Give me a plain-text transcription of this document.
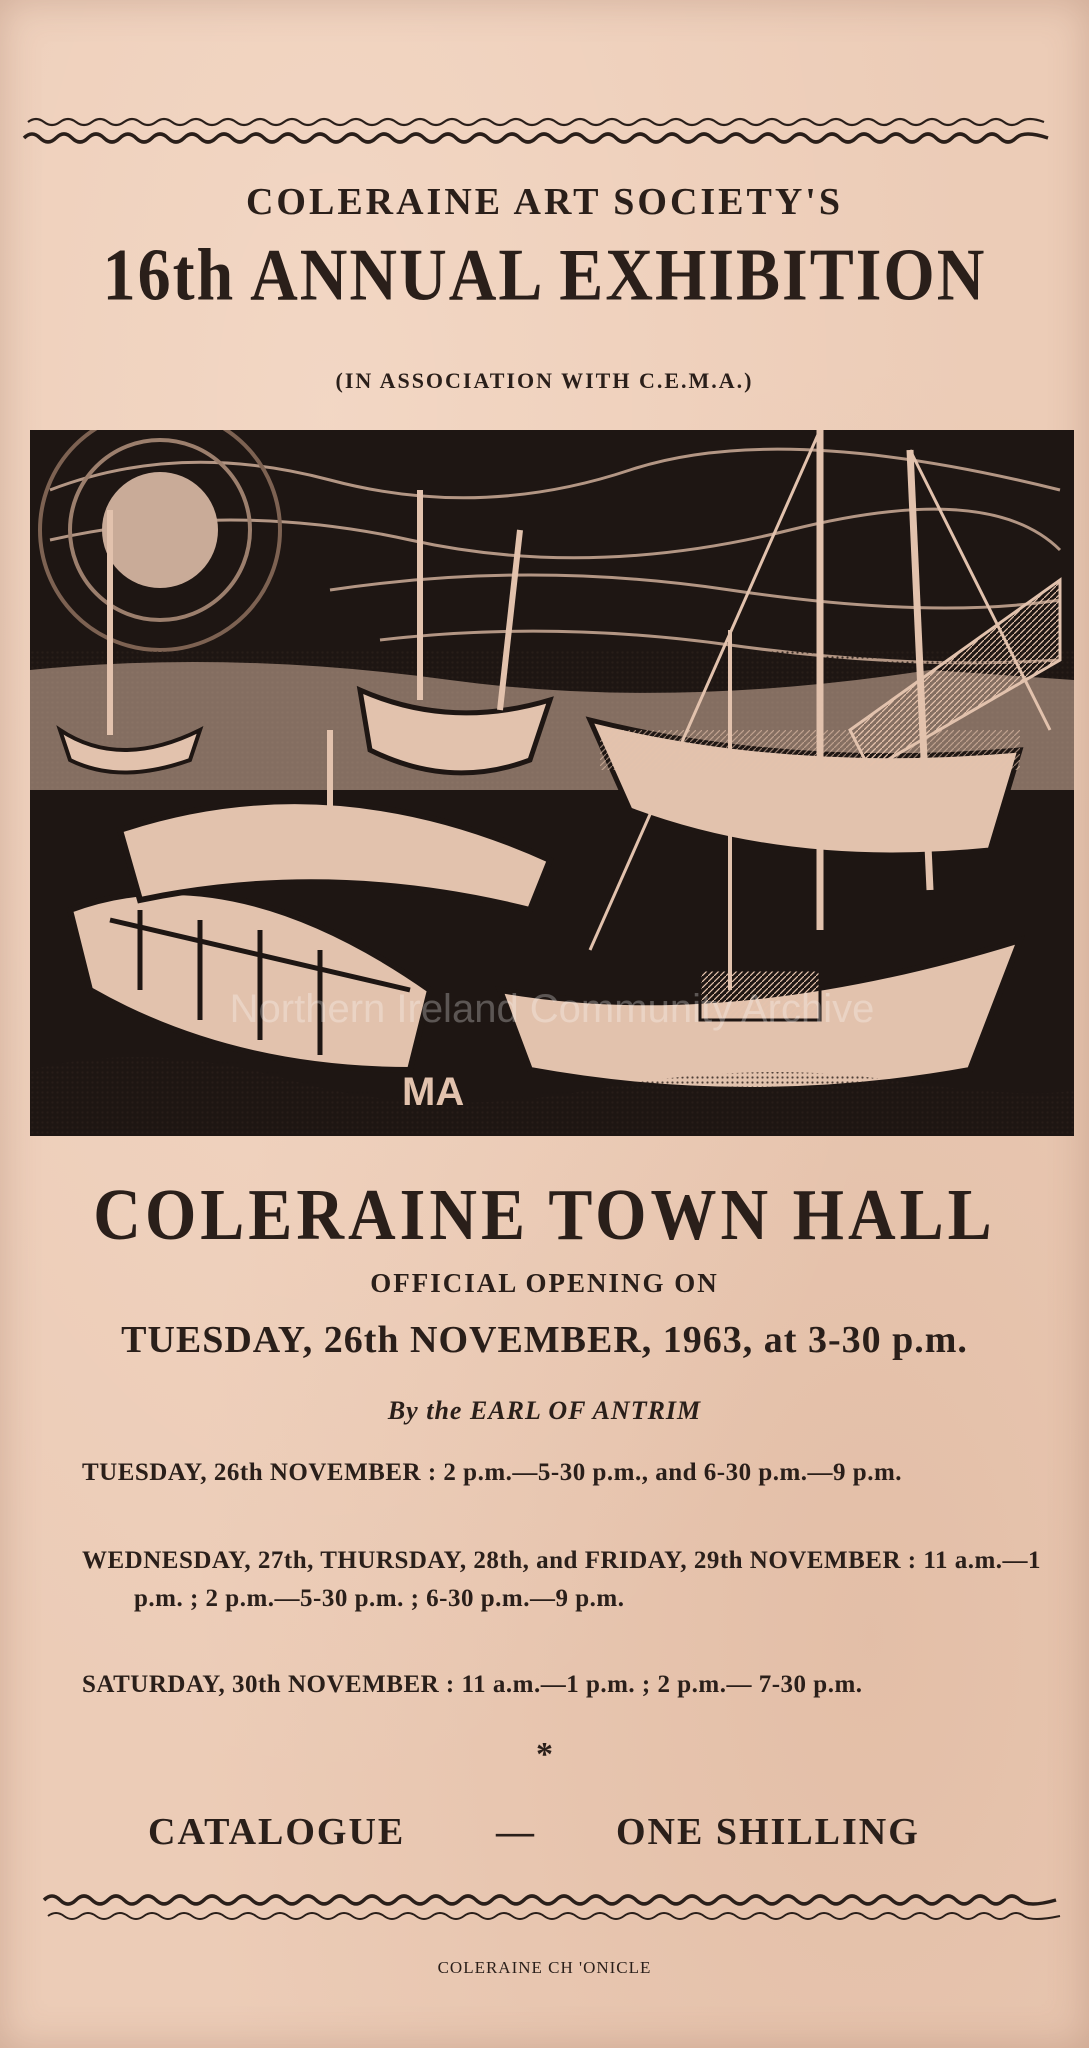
COLERAINE ART SOCIETY'S
16th ANNUAL EXHIBITION
(IN ASSOCIATION WITH C.E.M.A.)
MA
Northern Ireland Community Archive
COLERAINE TOWN HALL
OFFICIAL OPENING ON
TUESDAY, 26th NOVEMBER, 1963, at 3-30 p.m.
By the EARL OF ANTRIM
TUESDAY, 26th NOVEMBER : 2 p.m.—5-30 p.m., and 6-30 p.m.—9 p.m.
WEDNESDAY, 27th, THURSDAY, 28th, and FRIDAY, 29th NOVEMBER : 11 a.m.—1 p.m. ; 2 p.m.—5-30 p.m. ; 6-30 p.m.—9 p.m.
SATURDAY, 30th NOVEMBER : 11 a.m.—1 p.m. ; 2 p.m.— 7-30 p.m.
*
CATALOGUE — ONE SHILLING
COLERAINE CH 'ONICLE
